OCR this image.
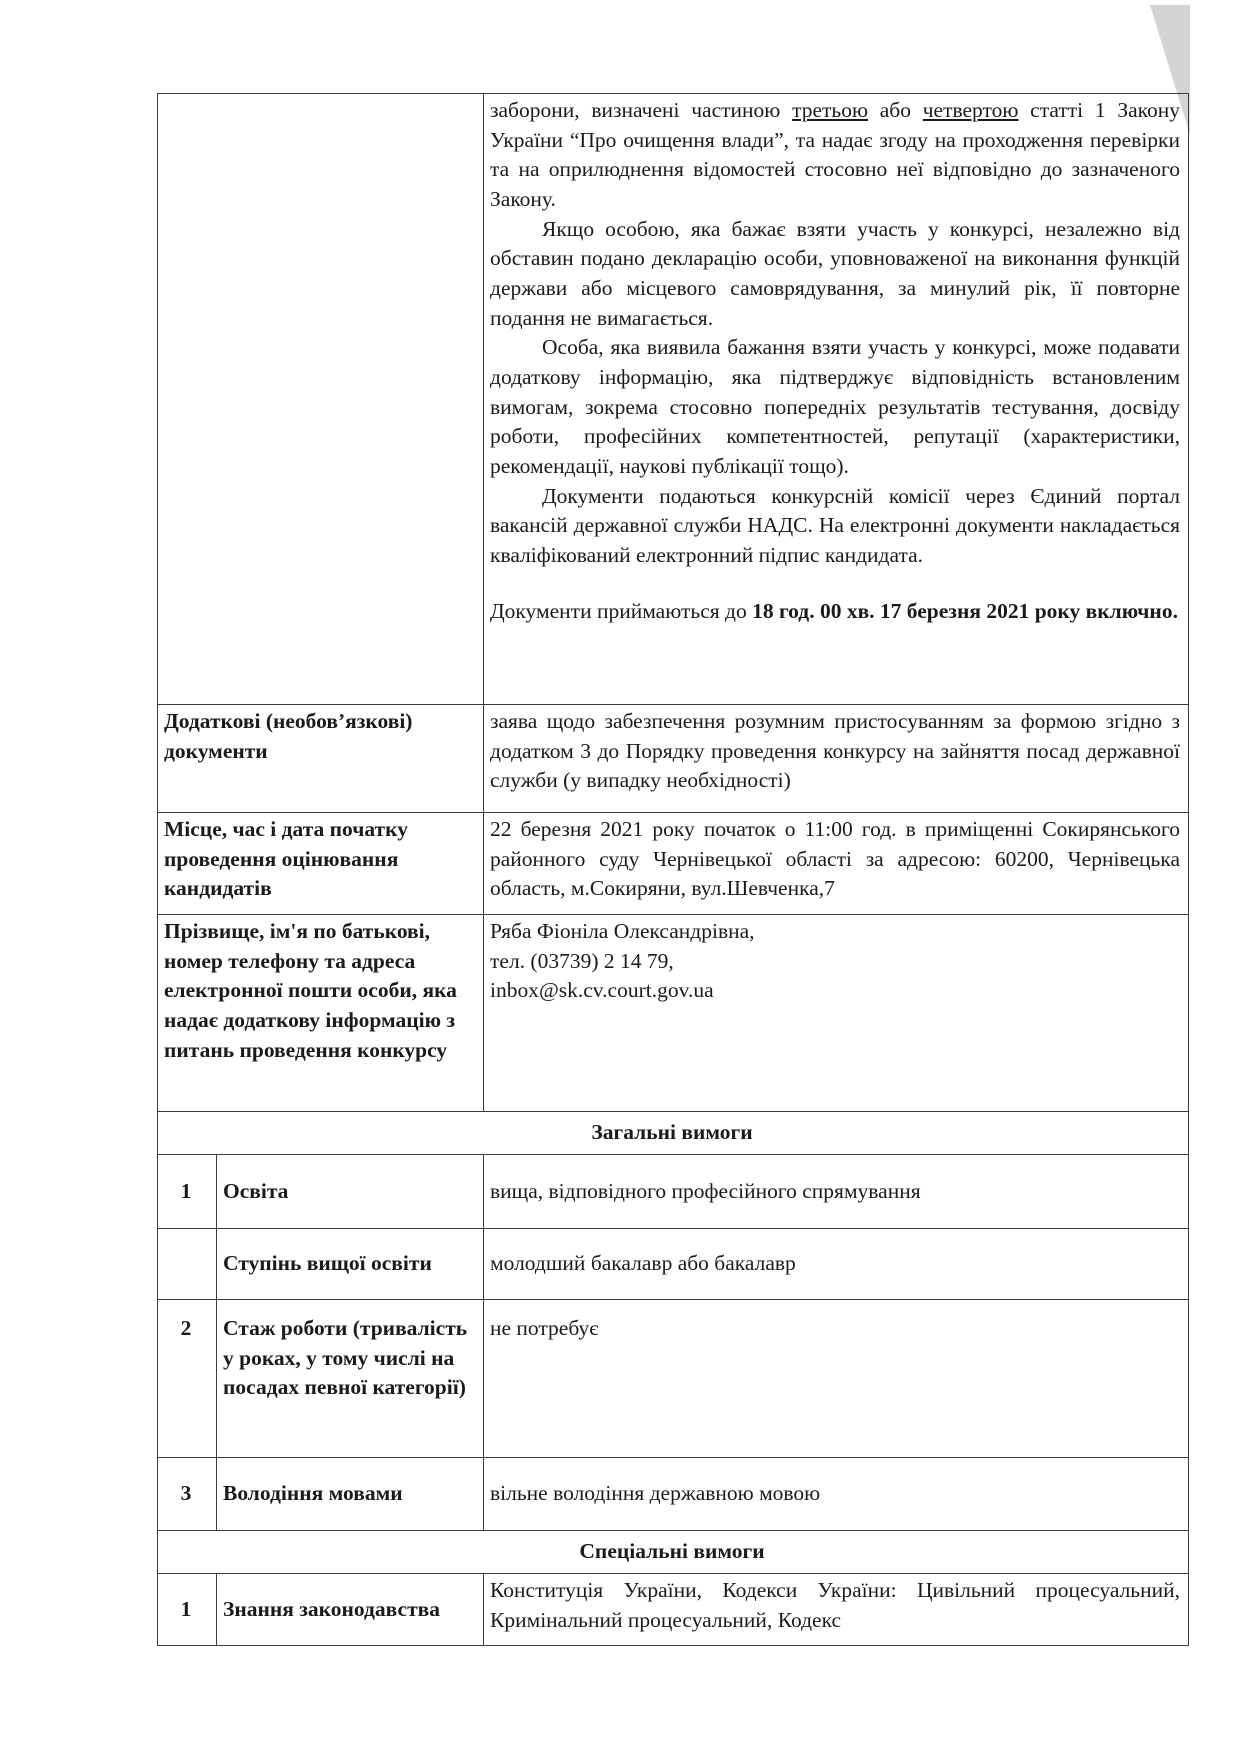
		заборони, визначені частиною третьою або четвертою статті 1 Закону України “Про очищення влади”, та надає згоду на проходження перевірки та на оприлюднення відомостей стосовно неї відповідно до зазначеного Закону.

Якщо особою, яка бажає взяти участь у конкурсі, незалежно від обставин подано декларацію особи, уповноваженої на виконання функцій держави або місцевого самоврядування, за минулий рік, її повторне подання не вимагається.

Особа, яка виявила бажання взяти участь у конкурсі, може подавати додаткову інформацію, яка підтверджує відповідність встановленим вимогам, зокрема стосовно попередніх результатів тестування, досвіду роботи, професійних компетентностей, репутації (характеристики, рекомендації, наукові публікації тощо).

Документи подаються конкурсній комісії через Єдиний портал вакансій державної служби НАДС. На електронні документи накладається кваліфікований електронний підпис кандидата.

Документи приймаються до 18 год. 00 хв. 17 березня 2021 року включно.

Додаткові (необов’язкові) документи		заява щодо забезпечення розумним пристосуванням за формою згідно з додатком 3 до Порядку проведення конкурсу на зайняття посад державної служби (у випадку необхідності)
Місце, час і дата початку проведення оцінювання кандидатів		22 березня 2021 року початок о 11:00 год. в приміщенні Сокирянського районного суду Чернівецької області за адресою: 60200, Чернівецька область, м.Сокиряни, вул.Шевченка,7
Прізвище, ім'я по батькові, номер телефону та адреса електронної пошти особи, яка надає додаткову інформацію з питань проведення конкурсу		Ряба Фіоніла Олександрівна,
тел. (03739) 2 14 79,
inbox@sk.cv.court.gov.ua

Загальні вимоги		
1	Освіта	вища, відповідного професійного спрямування
	Ступінь вищої освіти	молодший бакалавр або бакалавр
2	Стаж роботи (тривалість у роках, у тому числі на посадах певної категорії)	не потребує
3	Володіння мовами	вільне володіння державною мовою
Спеціальні вимоги		
1	Знання законодавства	Конституція України, Кодекси України: Цивільний процесуальний, Кримінальний процесуальний, Кодекс
